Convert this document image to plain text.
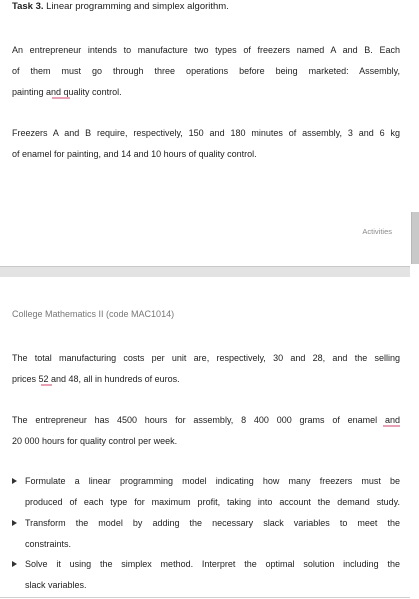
Task 3. Linear programming and simplex algorithm.
An entrepreneur intends to manufacture two types of freezers named A and B. Each
of them must go through three operations before being marketed: Assembly,
painting and quality control.
Freezers A and B require, respectively, 150 and 180 minutes of assembly, 3 and 6 kg
of enamel for painting, and 14 and 10 hours of quality control.
Activities
College Mathematics II (code MAC1014)
The total manufacturing costs per unit are, respectively, 30 and 28, and the selling
prices 52 and 48, all in hundreds of euros.
The entrepreneur has 4500 hours for assembly, 8 400 000 grams of enamel and
20 000 hours for quality control per week.
Formulate a linear programming model indicating how many freezers must be
produced of each type for maximum profit, taking into account the demand study.
Transform the model by adding the necessary slack variables to meet the
constraints.
Solve it using the simplex method. Interpret the optimal solution including the
slack variables.
